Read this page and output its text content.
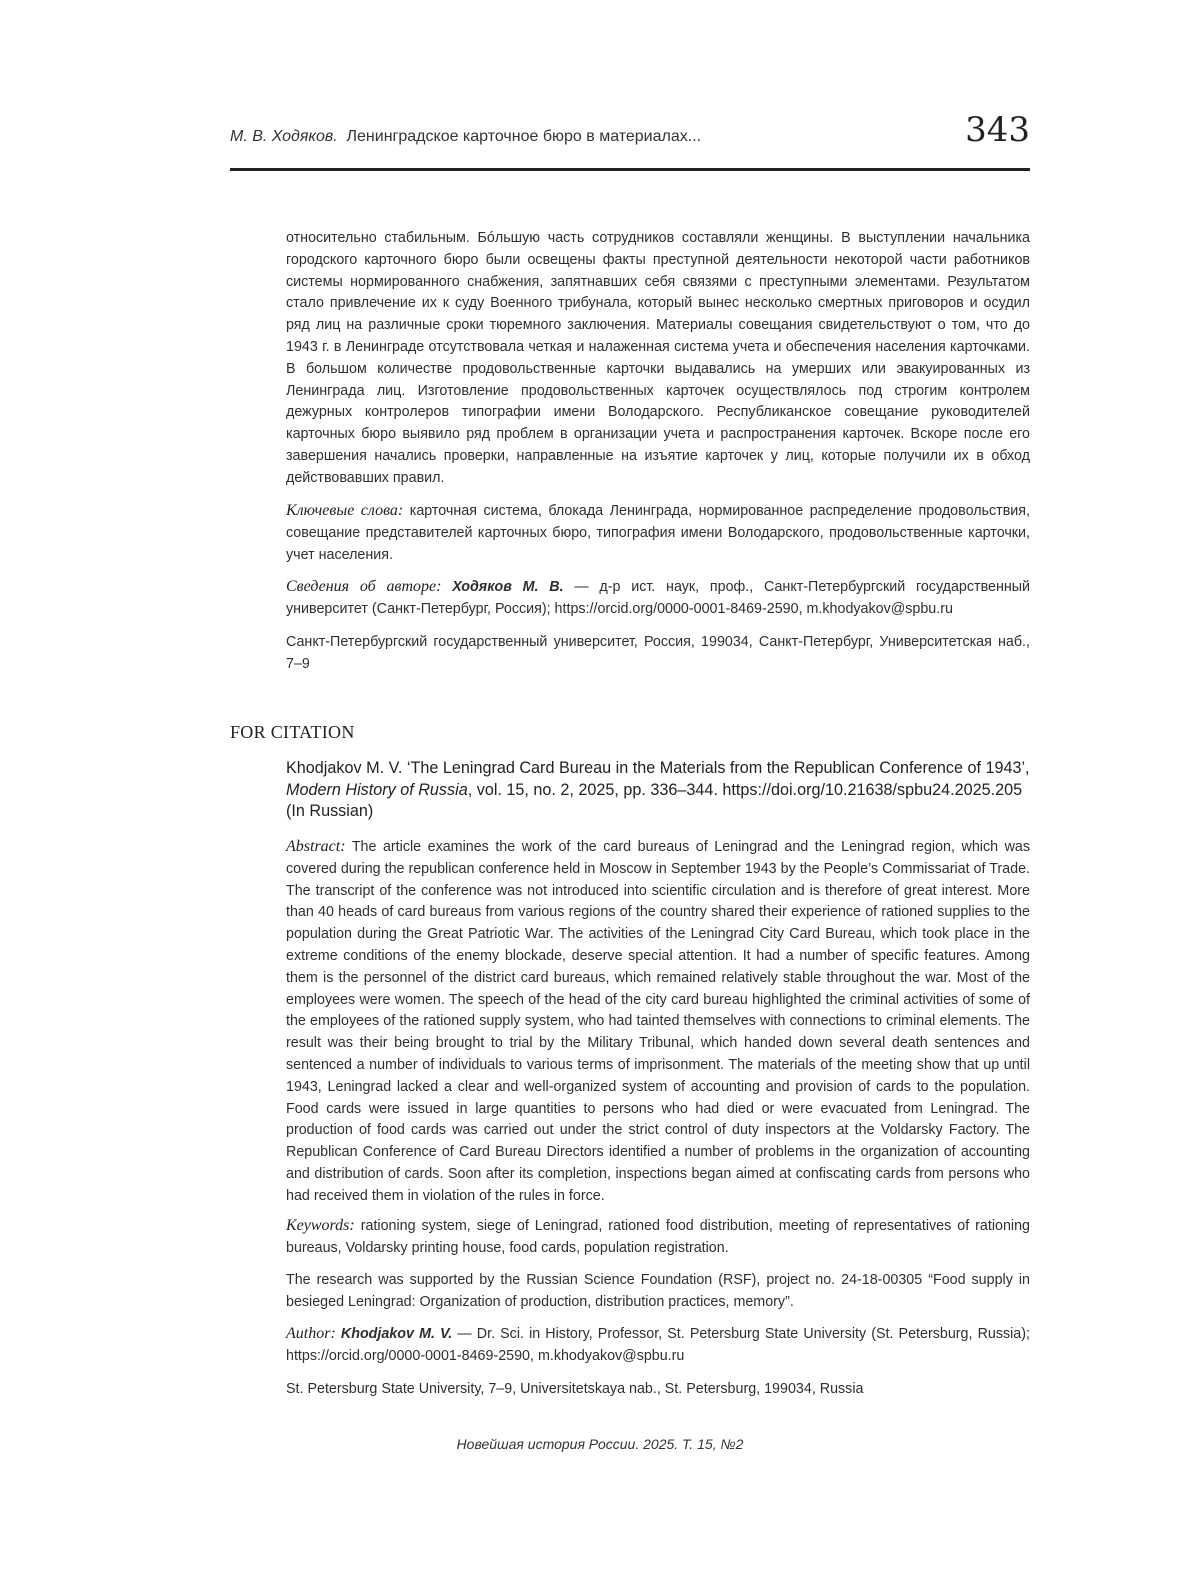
М. В. Ходяков. Ленинградское карточное бюро в материалах...	343

относительно стабильным. Бóльшую часть сотрудников составляли женщины. В выступлении начальника городского карточного бюро были освещены факты преступной деятельности некоторой части работников системы нормированного снабжения, запятнавших себя связями с преступными элементами. Результатом стало привлечение их к суду Военного трибунала, который вынес несколько смертных приговоров и осудил ряд лиц на различные сроки тюремного заключения. Материалы совещания свидетельствуют о том, что до 1943 г. в Ленинграде отсутствовала четкая и налаженная система учета и обеспечения населения карточками. В большом количестве продовольственные карточки выдавались на умерших или эвакуированных из Ленинграда лиц. Изготовление продовольственных карточек осуществлялось под строгим контролем дежурных контролеров типографии имени Володарского. Республиканское совещание руководителей карточных бюро выявило ряд проблем в организации учета и распространения карточек. Вскоре после его завершения начались проверки, направленные на изъятие карточек у лиц, которые получили их в обход действовавших правил.

Ключевые слова: карточная система, блокада Ленинграда, нормированное распределение продовольствия, совещание представителей карточных бюро, типография имени Володарского, продовольственные карточки, учет населения.

Сведения об авторе: Ходяков М. В. — д-р ист. наук, проф., Санкт-Петербургский государственный университет (Санкт-Петербург, Россия); https://orcid.org/0000-0001-8469-2590, m.khodyakov@spbu.ru

Санкт-Петербургский государственный университет, Россия, 199034, Санкт-Петербург, Университетская наб., 7–9

FOR CITATION

Khodjakov M. V. ‘The Leningrad Card Bureau in the Materials from the Republican Conference of 1943’, Modern History of Russia, vol. 15, no. 2, 2025, pp. 336–344. https://doi.org/10.21638/spbu24.2025.205 (In Russian)

Abstract: The article examines the work of the card bureaus of Leningrad and the Leningrad region, which was covered during the republican conference held in Moscow in September 1943 by the People’s Commissariat of Trade. The transcript of the conference was not introduced into scientific circulation and is therefore of great interest. More than 40 heads of card bureaus from various regions of the country shared their experience of rationed supplies to the population during the Great Patriotic War. The activities of the Leningrad City Card Bureau, which took place in the extreme conditions of the enemy blockade, deserve special attention. It had a number of specific features. Among them is the personnel of the district card bureaus, which remained relatively stable throughout the war. Most of the employees were women. The speech of the head of the city card bureau highlighted the criminal activities of some of the employees of the rationed supply system, who had tainted themselves with connections to criminal elements. The result was their being brought to trial by the Military Tribunal, which handed down several death sentences and sentenced a number of individuals to various terms of imprisonment. The materials of the meeting show that up until 1943, Leningrad lacked a clear and well-organized system of accounting and provision of cards to the population. Food cards were issued in large quantities to persons who had died or were evacuated from Leningrad. The production of food cards was carried out under the strict control of duty inspectors at the Voldarsky Factory. The Republican Conference of Card Bureau Directors identified a number of problems in the organization of accounting and distribution of cards. Soon after its completion, inspections began aimed at confiscating cards from persons who had received them in violation of the rules in force.

Keywords: rationing system, siege of Leningrad, rationed food distribution, meeting of representatives of rationing bureaus, Voldarsky printing house, food cards, population registration.

The research was supported by the Russian Science Foundation (RSF), project no. 24-18-00305 “Food supply in besieged Leningrad: Organization of production, distribution practices, memory”.

Author: Khodjakov M. V. — Dr. Sci. in History, Professor, St. Petersburg State University (St. Petersburg, Russia); https://orcid.org/0000-0001-8469-2590, m.khodyakov@spbu.ru

St. Petersburg State University, 7–9, Universitetskaya nab., St. Petersburg, 199034, Russia

Новейшая история России. 2025. Т. 15, №2
